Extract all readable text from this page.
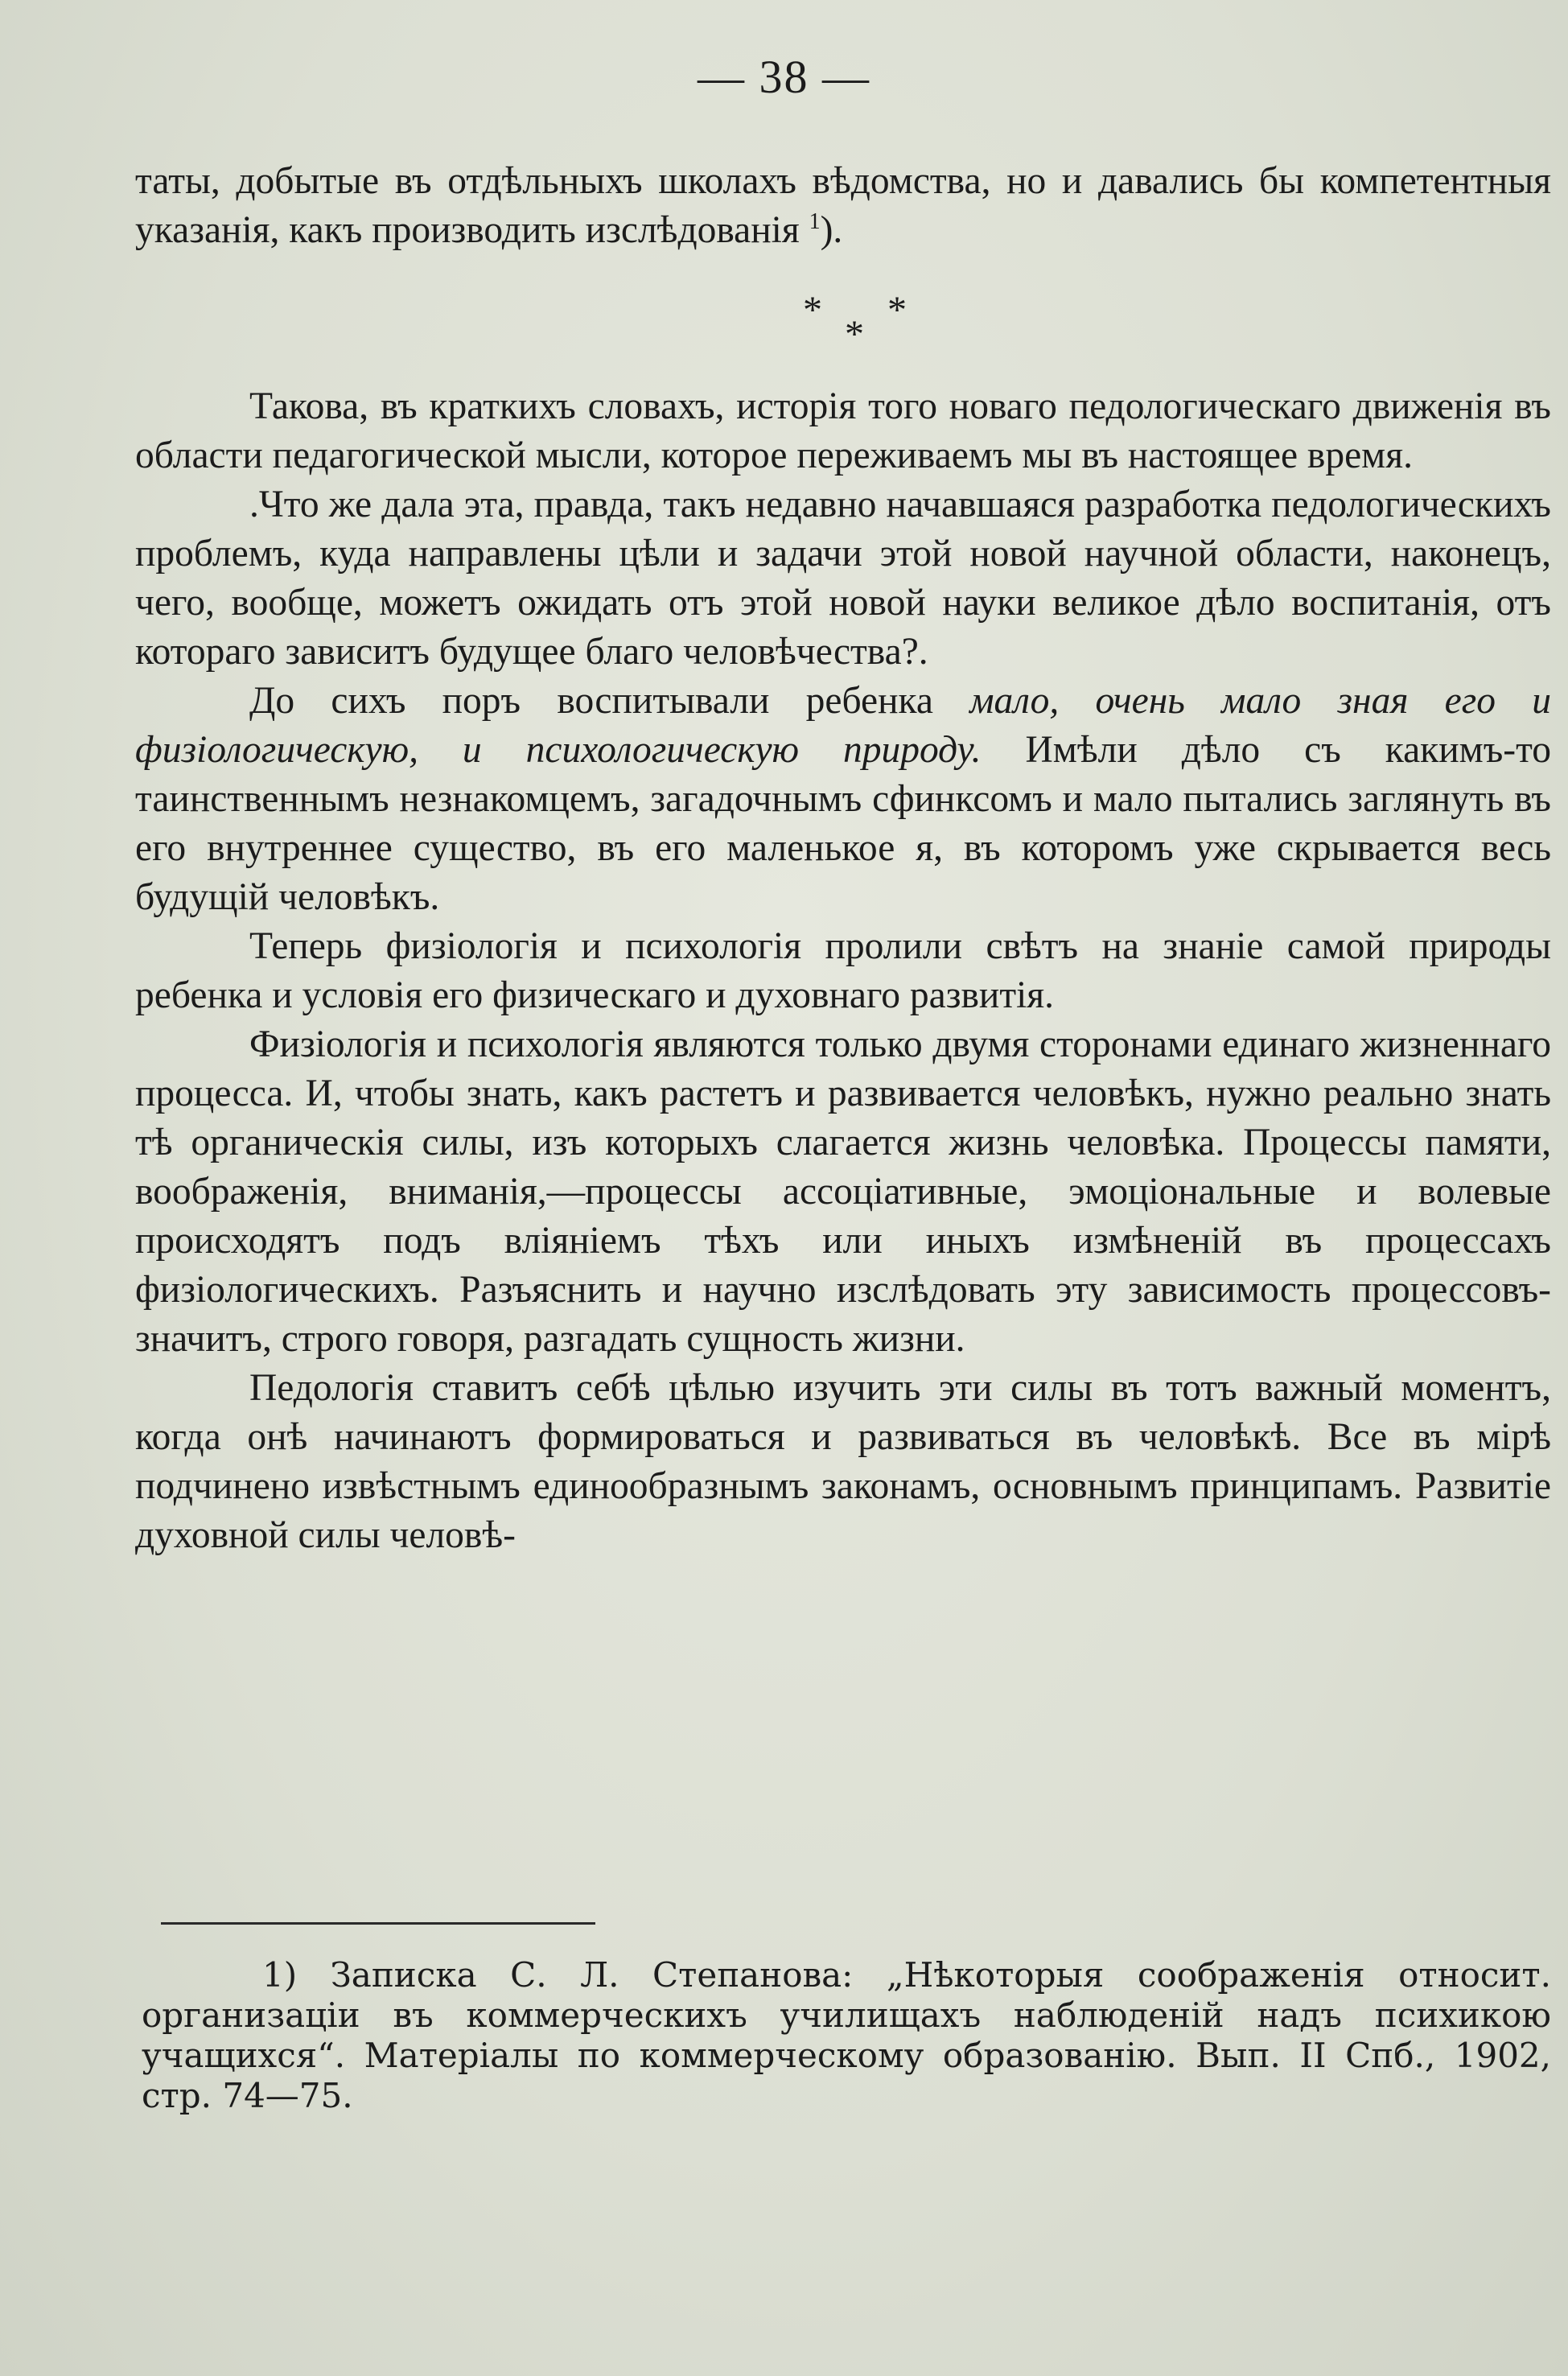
— 38 —

таты, добытые въ отдѣльныхъ школахъ вѣдомства, но и давались бы компетентныя указанія, какъ производить изслѣдованія $^1$).

* *
*

Такова, въ краткихъ словахъ, исторія того новаго педологическаго движенія въ области педагогической мысли, которое переживаемъ мы въ настоящее время.

.Что же дала эта, правда, такъ недавно начавшаяся разработка педологическихъ проблемъ, куда направлены цѣли и задачи этой новой научной области, наконецъ, чего, вообще, можетъ ожидать отъ этой новой науки великое дѣло воспитанія, отъ котораго зависитъ будущее благо человѣчества?.

До сихъ поръ воспитывали ребенка мало, очень мало зная его и физіологическую, и психологическую природу. Имѣли дѣло съ какимъ-то таинственнымъ незнакомцемъ, загадочнымъ сфинксомъ и мало пытались заглянуть въ его внутреннее существо, въ его маленькое я, въ которомъ уже скрывается весь будущій человѣкъ.

Теперь физіологія и психологія пролили свѣтъ на знаніе самой природы ребенка и условія его физическаго и духовнаго развитія.

Физіологія и психологія являются только двумя сторонами единаго жизненнаго процесса. И, чтобы знать, какъ растетъ и развивается человѣкъ, нужно реально знать тѣ органическія силы, изъ которыхъ слагается жизнь человѣка. Процессы памяти, воображенія, вниманія,—процессы ассоціативные, эмоціональные и волевые происходятъ подъ вліяніемъ тѣхъ или иныхъ измѣненій въ процессахъ физіологическихъ. Разъяснить и научно изслѣдовать эту зависимость процессовъ-значитъ, строго говоря, разгадать сущность жизни.

Педологія ставитъ себѣ цѣлью изучить эти силы въ тотъ важный моментъ, когда онѣ начинаютъ формироваться и развиваться въ человѣкѣ. Все въ мірѣ подчинено извѣстнымъ единообразнымъ законамъ, основнымъ принципамъ. Развитіе духовной силы человѣ-

1) Записка С. Л. Степанова: „Нѣкоторыя соображенія относит. организаціи въ коммерческихъ училищахъ наблюденій надъ психикою учащихся“. Матеріалы по коммерческому образованію. Вып. II Спб., 1902, стр. 74—75.
